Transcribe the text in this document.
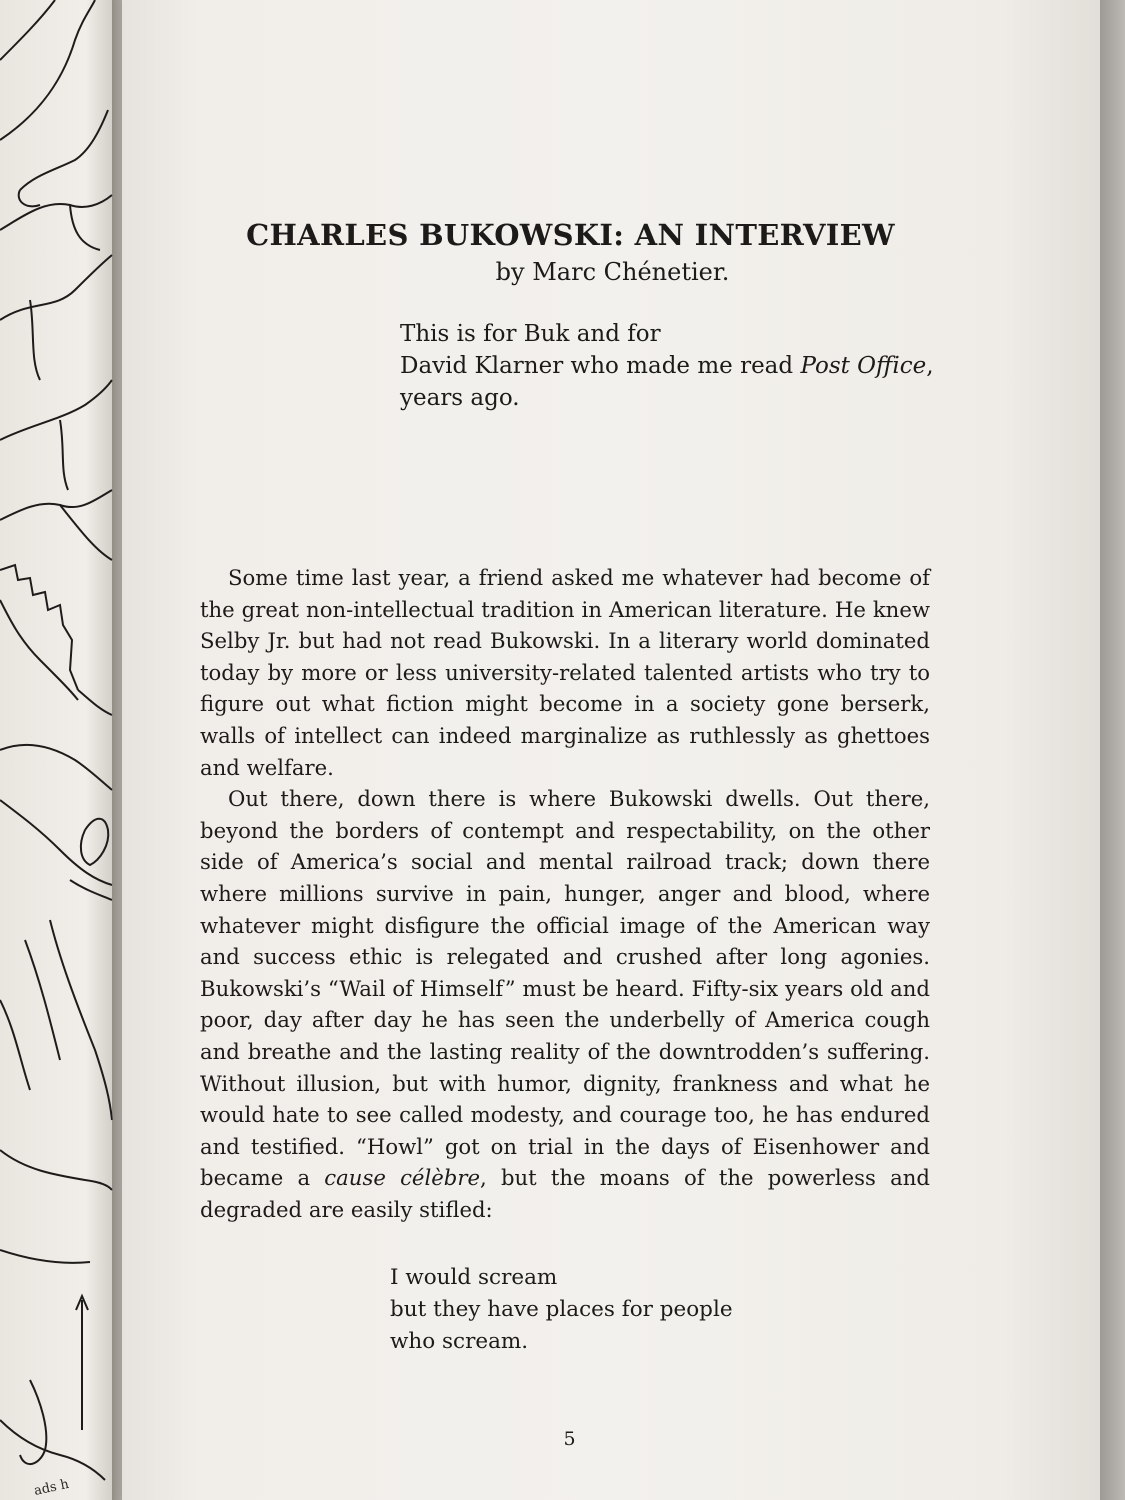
ads h
CHARLES BUKOWSKI: AN INTERVIEW
by Marc Chénetier.
This is for Buk and for
David Klarner who made me read Post Office,
years ago.

Some time last year, a friend asked me whatever had become of the great non-intellectual tradition in American literature. He knew Selby Jr. but had not read Bukowski. In a literary world dominated today by more or less university-related talented artists who try to figure out what fiction might become in a society gone berserk, walls of intellect can indeed marginalize as ruthlessly as ghettoes and welfare.

Out there, down there is where Bukowski dwells. Out there, beyond the borders of contempt and respectability, on the other side of America’s social and mental railroad track; down there where millions survive in pain, hunger, anger and blood, where whatever might disfigure the official image of the American way and success ethic is relegated and crushed after long agonies. Bukowski’s “Wail of Himself” must be heard. Fifty-six years old and poor, day after day he has seen the underbelly of America cough and breathe and the lasting reality of the downtrodden’s suffering. Without illusion, but with humor, dignity, frankness and what he would hate to see called modesty, and courage too, he has endured and testified. “Howl” got on trial in the days of Eisenhower and became a cause célèbre, but the moans of the powerless and degraded are easily stifled:

I would scream
but they have places for people
who scream.
5
